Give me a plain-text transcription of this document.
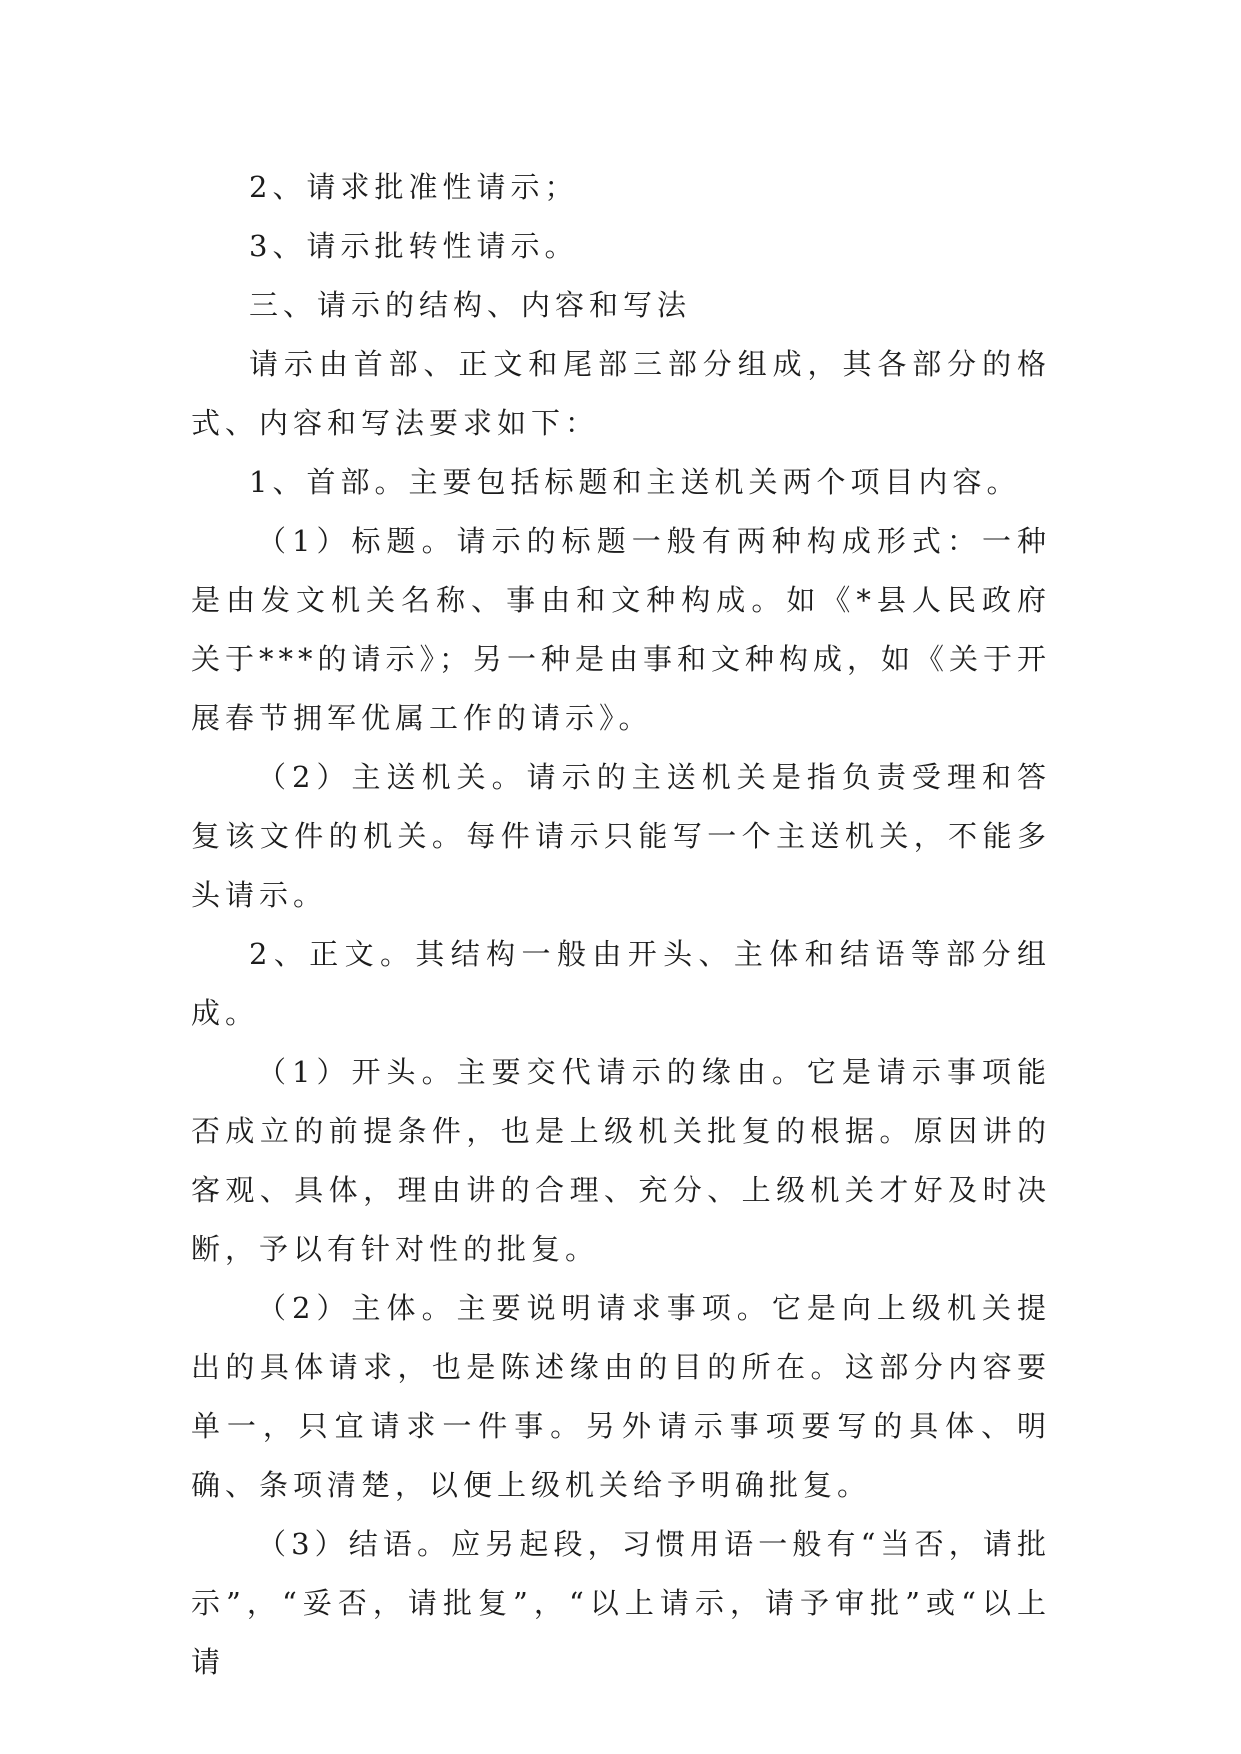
2、请求批准性请示；

3、请示批转性请示。

三、请示的结构、内容和写法

请示由首部、正文和尾部三部分组成，其各部分的格式、内容和写法要求如下：

1、首部。主要包括标题和主送机关两个项目内容。

（1）标题。请示的标题一般有两种构成形式：一种是由发文机关名称、事由和文种构成。如《*县人民政府关于***的请示》；另一种是由事和文种构成，如《关于开展春节拥军优属工作的请示》。

（2）主送机关。请示的主送机关是指负责受理和答复该文件的机关。每件请示只能写一个主送机关，不能多头请示。

2、正文。其结构一般由开头、主体和结语等部分组成。

（1）开头。主要交代请示的缘由。它是请示事项能否成立的前提条件，也是上级机关批复的根据。原因讲的客观、具体，理由讲的合理、充分、上级机关才好及时决断，予以有针对性的批复。

（2）主体。主要说明请求事项。它是向上级机关提出的具体请求，也是陈述缘由的目的所在。这部分内容要单一，只宜请求一件事。另外请示事项要写的具体、明确、条项清楚，以便上级机关给予明确批复。

（3）结语。应另起段，习惯用语一般有“当否，请批示”，“妥否，请批复”，“以上请示，请予审批”或“以上请
